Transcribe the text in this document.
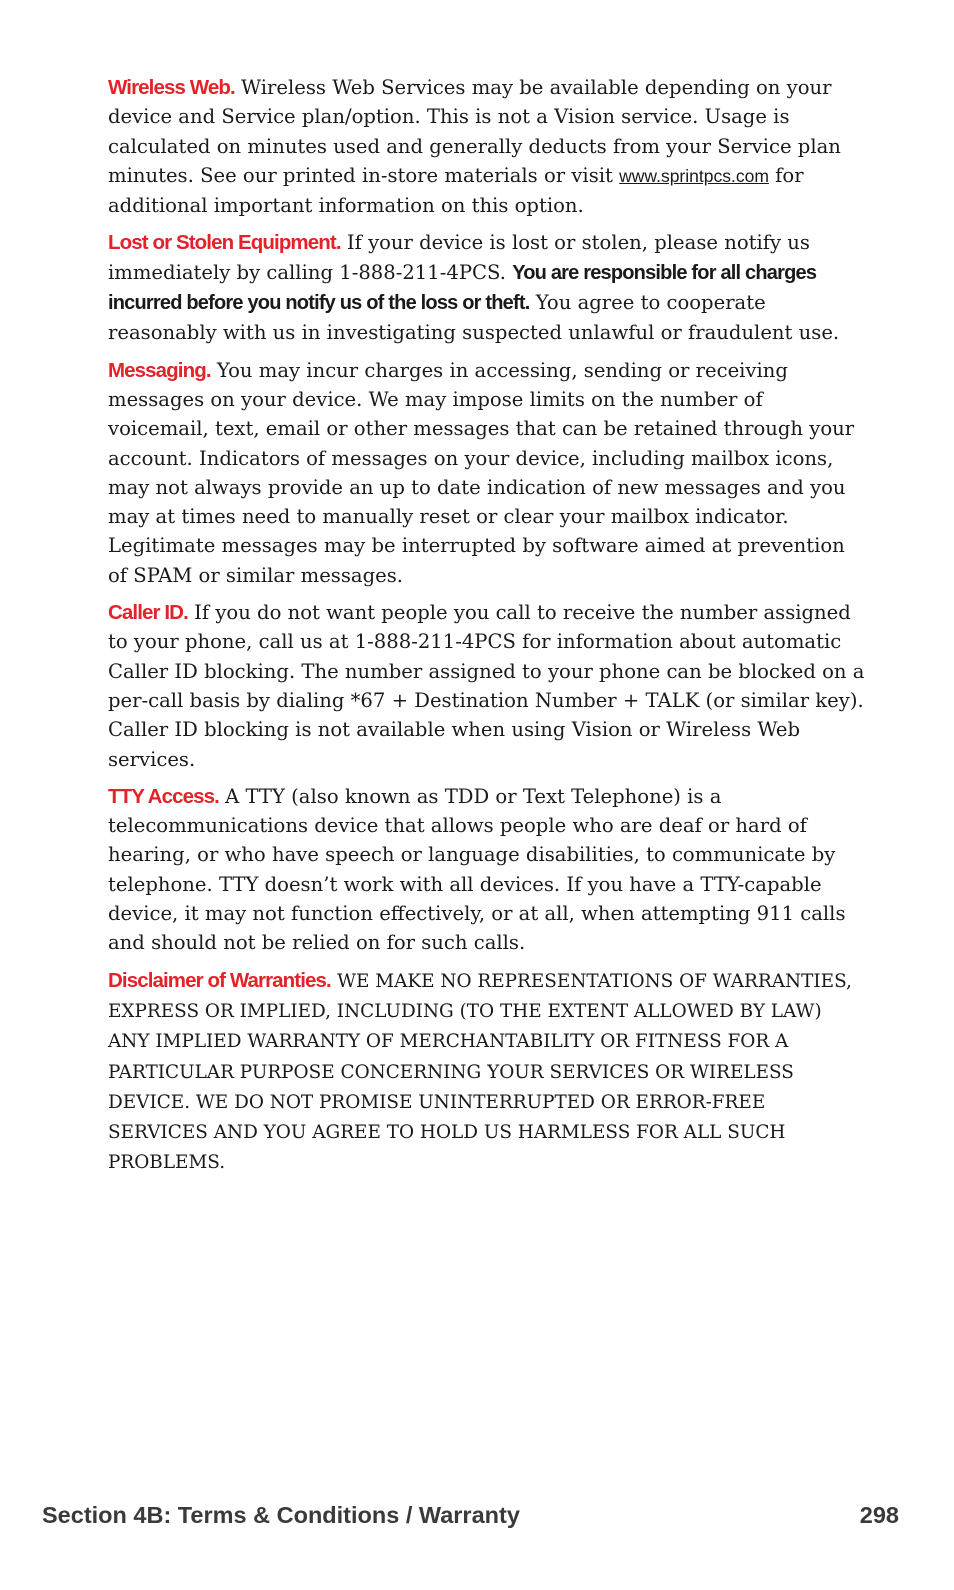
Wireless Web. Wireless Web Services may be available depending on your device and Service plan/option. This is not a Vision service. Usage is calculated on minutes used and generally deducts from your Service plan minutes. See our printed in-store materials or visit www.sprintpcs.com for additional important information on this option.

Lost or Stolen Equipment. If your device is lost or stolen, please notify us immediately by calling 1-888-211-4PCS. You are responsible for all charges incurred before you notify us of the loss or theft. You agree to cooperate reasonably with us in investigating suspected unlawful or fraudulent use.

Messaging. You may incur charges in accessing, sending or receiving messages on your device. We may impose limits on the number of voicemail, text, email or other messages that can be retained through your account. Indicators of messages on your device, including mailbox icons, may not always provide an up to date indication of new messages and you may at times need to manually reset or clear your mailbox indicator. Legitimate messages may be interrupted by software aimed at prevention of SPAM or similar messages.

Caller ID. If you do not want people you call to receive the number assigned to your phone, call us at 1-888-211-4PCS for information about automatic Caller ID blocking. The number assigned to your phone can be blocked on a per-call basis by dialing *67 + Destination Number + TALK (or similar key). Caller ID blocking is not available when using Vision or Wireless Web services.

TTY Access. A TTY (also known as TDD or Text Telephone) is a telecommunications device that allows people who are deaf or hard of hearing, or who have speech or language disabilities, to communicate by telephone. TTY doesn’t work with all devices. If you have a TTY-capable device, it may not function effectively, or at all, when attempting 911 calls and should not be relied on for such calls.

Disclaimer of Warranties. WE MAKE NO REPRESENTATIONS OF WARRANTIES, EXPRESS OR IMPLIED, INCLUDING (TO THE EXTENT ALLOWED BY LAW) ANY IMPLIED WARRANTY OF MERCHANTABILITY OR FITNESS FOR A PARTICULAR PURPOSE CONCERNING YOUR SERVICES OR WIRELESS DEVICE. WE DO NOT PROMISE UNINTERRUPTED OR ERROR-FREE SERVICES AND YOU AGREE TO HOLD US HARMLESS FOR ALL SUCH PROBLEMS.

Section 4B: Terms & Conditions / Warranty	298
